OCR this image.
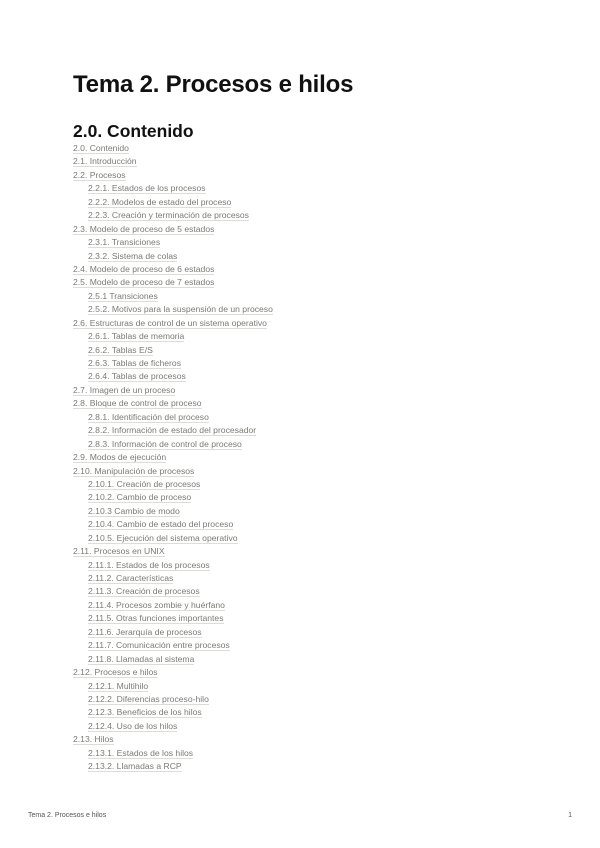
Tema 2. Procesos e hilos
2.0. Contenido
2.0. Contenido
2.1. Introducción
2.2. Procesos
2.2.1. Estados de los procesos
2.2.2. Modelos de estado del proceso
2.2.3. Creación y terminación de procesos
2.3. Modelo de proceso de 5 estados
2.3.1. Transiciones
2.3.2. Sistema de colas
2.4. Modelo de proceso de 6 estados
2.5. Modelo de proceso de 7 estados
2.5.1 Transiciones
2.5.2. Motivos para la suspensión de un proceso
2.6. Estructuras de control de un sistema operativo
2.6.1. Tablas de memoria
2.6.2. Tablas E/S
2.6.3. Tablas de ficheros
2.6.4. Tablas de procesos
2.7. Imagen de un proceso
2.8. Bloque de control de proceso
2.8.1. Identificación del proceso
2.8.2. Información de estado del procesador
2.8.3. Información de control de proceso
2.9. Modos de ejecución
2.10. Manipulación de procesos
2.10.1. Creación de procesos
2.10.2. Cambio de proceso
2.10.3 Cambio de modo
2.10.4. Cambio de estado del proceso
2.10.5. Ejecución del sistema operativo
2.11. Procesos en UNIX
2.11.1. Estados de los procesos
2.11.2. Características
2.11.3. Creación de procesos
2.11.4. Procesos zombie y huérfano
2.11.5. Otras funciones importantes
2.11.6. Jerarquía de procesos
2.11.7. Comunicación entre procesos
2.11.8. Llamadas al sistema
2.12. Procesos e hilos
2.12.1. Multihilo
2.12.2. Diferencias proceso-hilo
2.12.3. Beneficios de los hilos
2.12.4. Uso de los hilos
2.13. Hilos
2.13.1. Estados de los hilos
2.13.2. Llamadas a RCP
Tema 2. Procesos e hilos	1
